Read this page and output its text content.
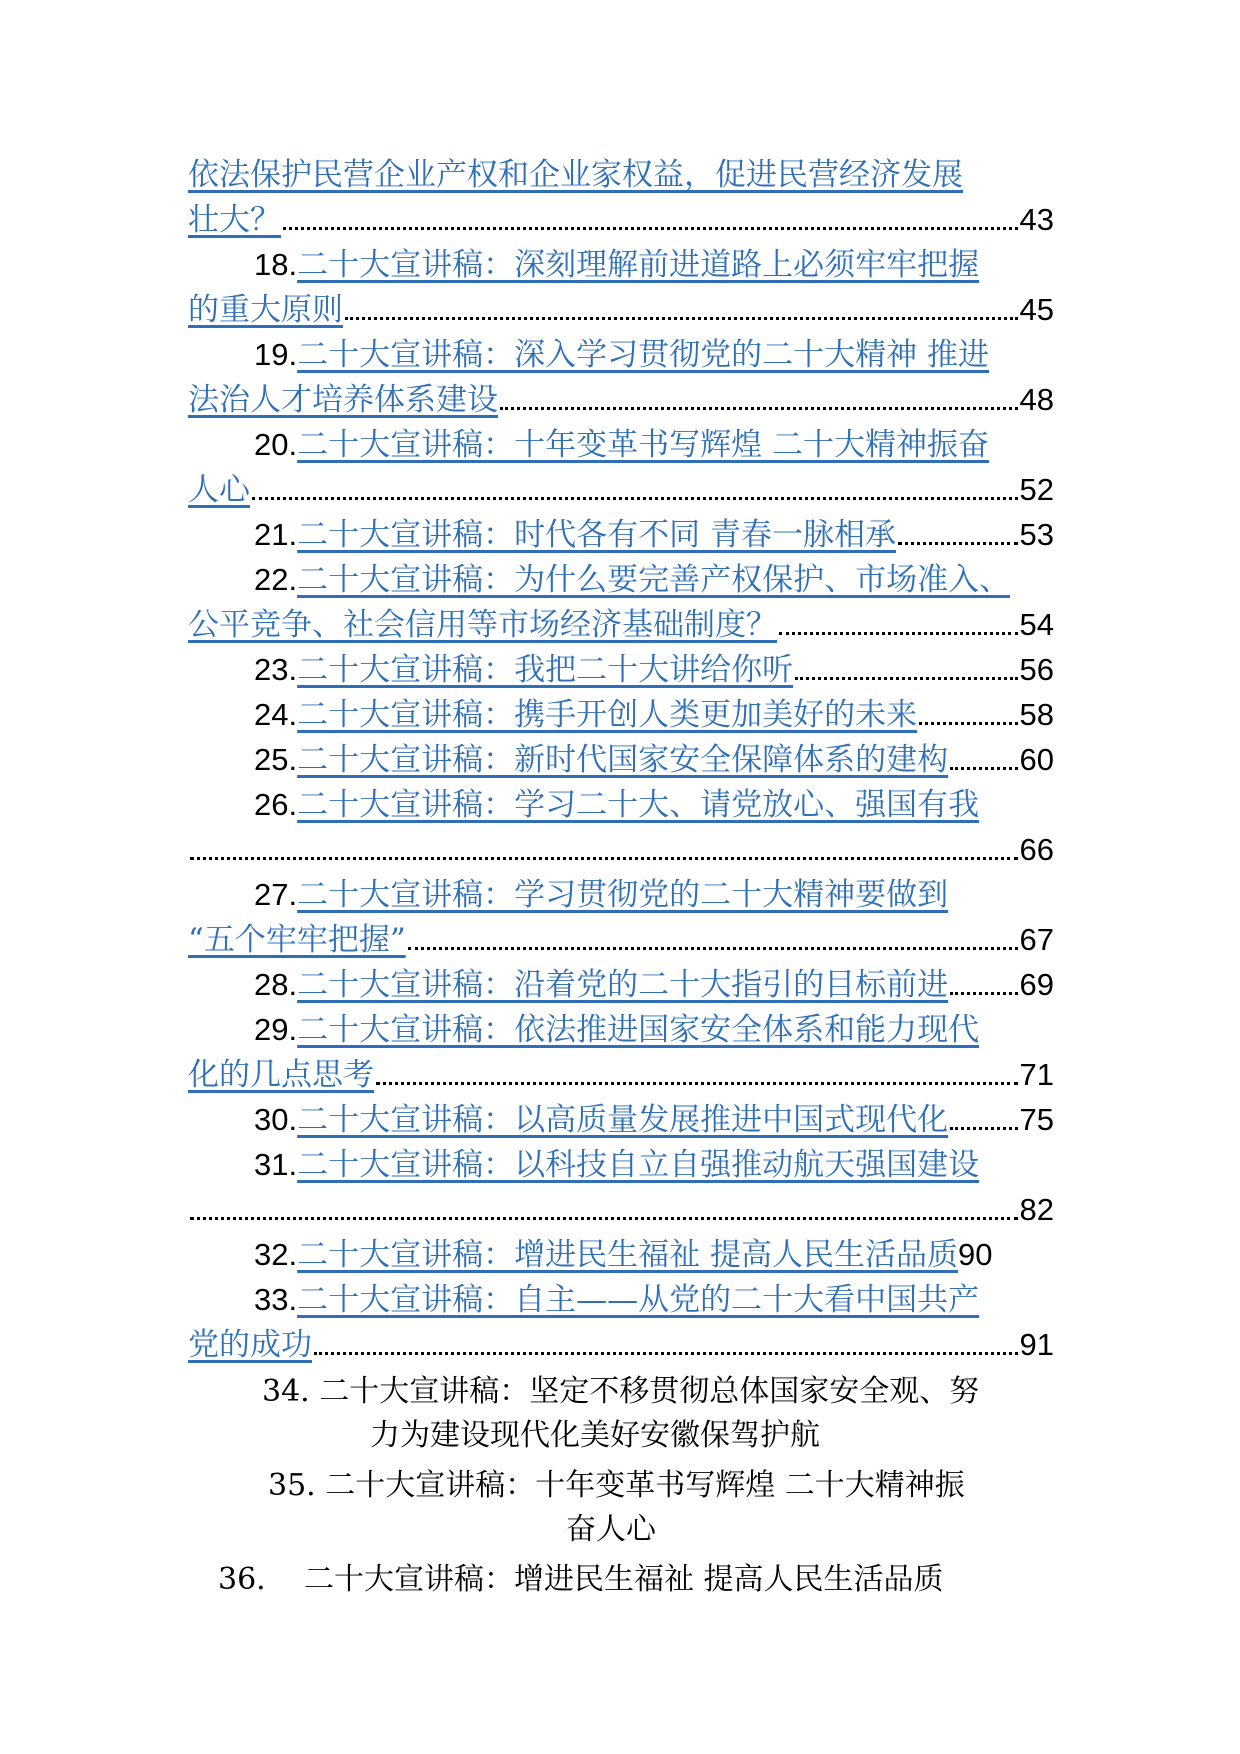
依法保护民营企业产权和企业家权益，促进民营经济发展
壮大？	43
18.二十大宣讲稿：深刻理解前进道路上必须牢牢把握
的重大原则	45
19.二十大宣讲稿：深入学习贯彻党的二十大精神 推进
法治人才培养体系建设	48
20.二十大宣讲稿：十年变革书写辉煌 二十大精神振奋
人心	52
21. 二十大宣讲稿：时代各有不同 青春一脉相承	53
22.二十大宣讲稿：为什么要完善产权保护、市场准入、
公平竞争、社会信用等市场经济基础制度？	54
23. 二十大宣讲稿：我把二十大讲给你听	56
24. 二十大宣讲稿：携手开创人类更加美好的未来	58
25. 二十大宣讲稿：新时代国家安全保障体系的建构 60
26.二十大宣讲稿：学习二十大、请党放心、强国有我
66
27.二十大宣讲稿：学习贯彻党的二十大精神要做到
“五个牢牢把握”	67
28. 二十大宣讲稿：沿着党的二十大指引的目标前进 69
29.二十大宣讲稿：依法推进国家安全体系和能力现代
化的几点思考	71
30. 二十大宣讲稿：以高质量发展推进中国式现代化 75
31.二十大宣讲稿：以科技自立自强推动航天强国建设
82
32. 二十大宣讲稿：增进民生福祉 提高人民生活品质 90
33.二十大宣讲稿：自主——从党的二十大看中国共产
党的成功	91
34. 二十大宣讲稿：坚定不移贯彻总体国家安全观、努
力为建设现代化美好安徽保驾护航
35. 二十大宣讲稿：十年变革书写辉煌 二十大精神振
奋人心
36. 二十大宣讲稿：增进民生福祉 提高人民生活品质
